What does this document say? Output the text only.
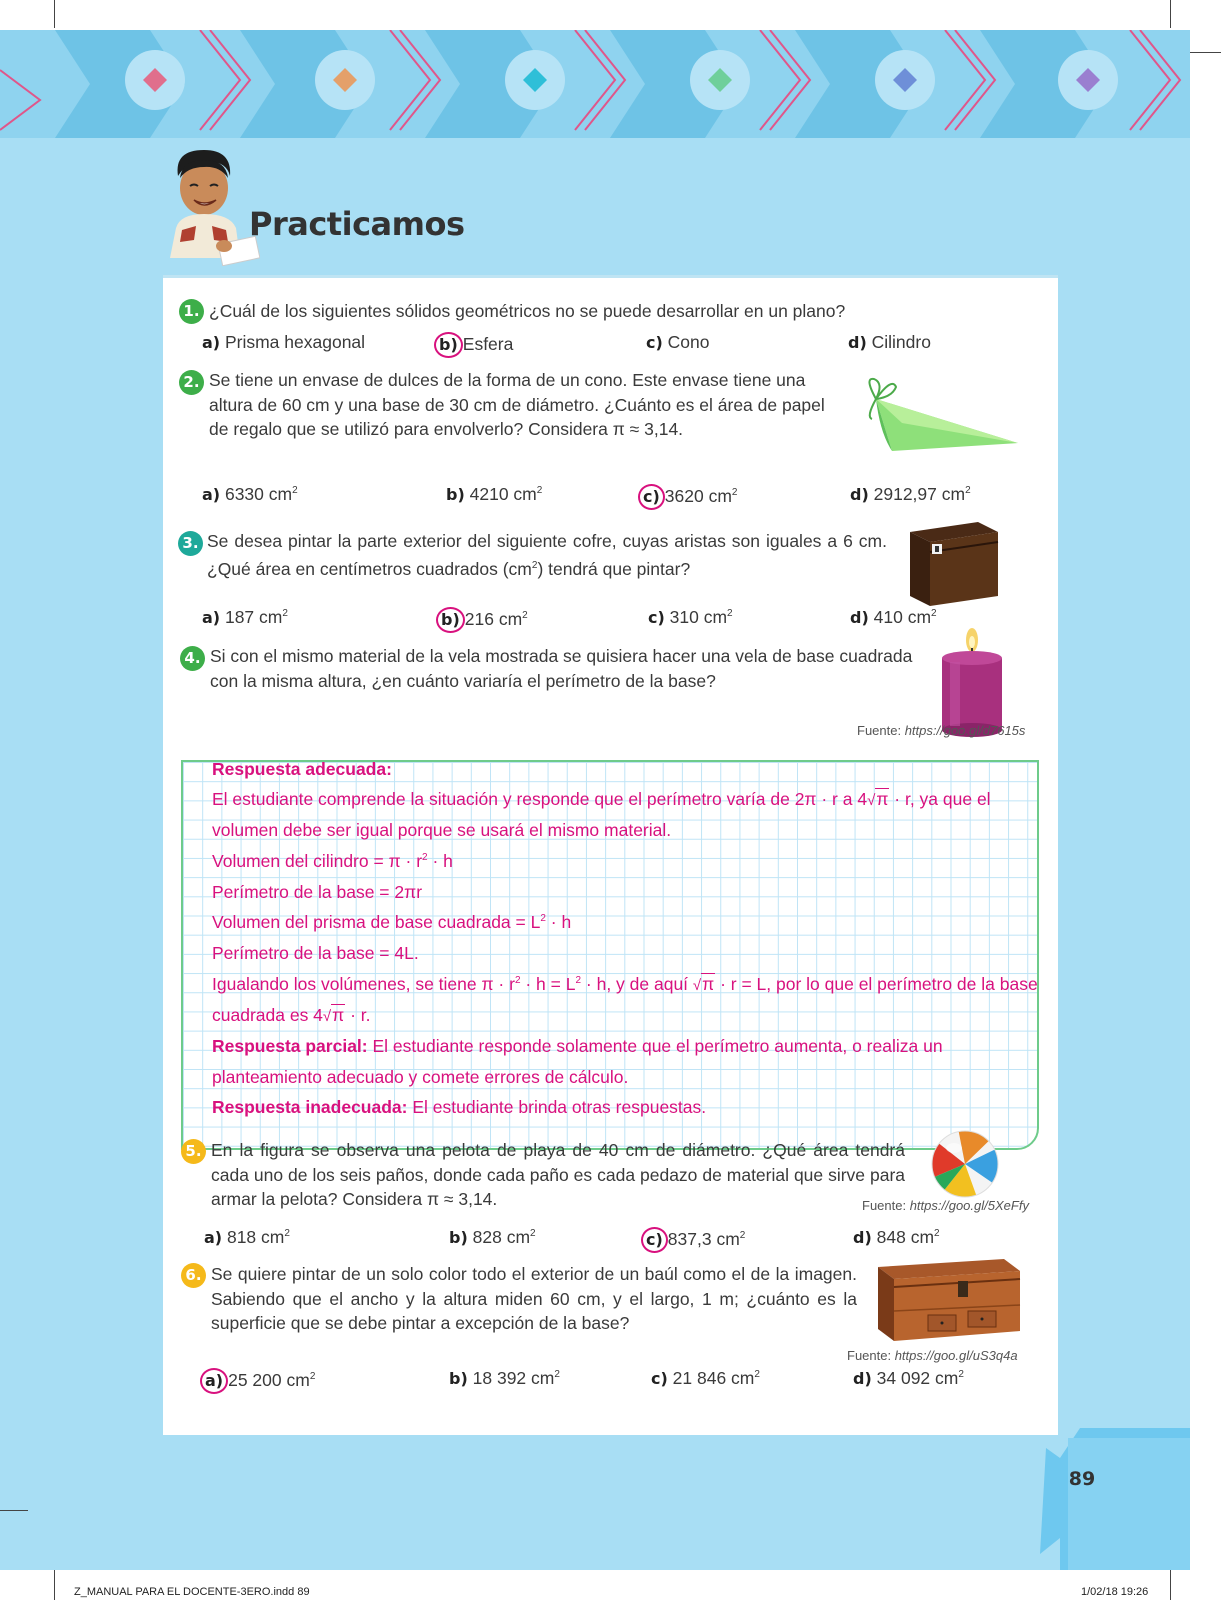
Practicamos
1. ¿Cuál de los siguientes sólidos geométricos no se puede desarrollar en un plano?
a) Prisma hexagonal	b) Esfera	c) Cono	d) Cilindro
2. Se tiene un envase de dulces de la forma de un cono. Este envase tiene una altura de 60 cm y una base de 30 cm de diámetro. ¿Cuánto es el área de papel de regalo que se utilizó para envolverlo? Considera π ≈ 3,14.
a) 6330 $cm^2$	b) 4210 $cm^2$	c) 3620 $cm^2$	d) 2912,97 $cm^2$
3. Se desea pintar la parte exterior del siguiente cofre, cuyas aristas son iguales a 6 cm. ¿Qué área en centímetros cuadrados $(cm^2)$ tendrá que pintar?
a) 187 $cm^2$	b) 216 $cm^2$	c) 310 $cm^2$	d) 410 $cm^2$
4. Si con el mismo material de la vela mostrada se quisiera hacer una vela de base cuadrada con la misma altura, ¿en cuánto variaría el perímetro de la base?
Fuente: https://goo.gl/d7615s
Respuesta adecuada:
El estudiante comprende la situación y responde que el perímetro varía de 2π · r a 4√π · r, ya que el
volumen debe ser igual porque se usará el mismo material.
Volumen del cilindro = $\pi \cdot r^2 \cdot h$
Perímetro de la base = 2πr
Volumen del prisma de base cuadrada = $L^2 \cdot h$
Perímetro de la base = 4L.
Igualando los volúmenes, se tiene $\pi \cdot r^2 \cdot h = L^2 \cdot h$, y de aquí √π · r = L, por lo que el perímetro de la base
cuadrada es 4√π · r.
Respuesta parcial: El estudiante responde solamente que el perímetro aumenta, o realiza un
planteamiento adecuado y comete errores de cálculo.
Respuesta inadecuada: El estudiante brinda otras respuestas.
5. En la figura se observa una pelota de playa de 40 cm de diámetro. ¿Qué área tendrá cada uno de los seis paños, donde cada paño es cada pedazo de material que sirve para armar la pelota? Considera π ≈ 3,14.	Fuente: https://goo.gl/5XeFfy
a) 818 $cm^2$	b) 828 $cm^2$	c) 837,3 $cm^2$	d) 848 $cm^2$
6. Se quiere pintar de un solo color todo el exterior de un baúl como el de la imagen. Sabiendo que el ancho y la altura miden 60 cm, y el largo, 1 m; ¿cuánto es la superficie que se debe pintar a excepción de la base?
Fuente: https://goo.gl/uS3q4a
a) 25 200 $cm^2$	b) 18 392 $cm^2$	c) 21 846 $cm^2$	d) 34 092 $cm^2$
89
Z_MANUAL PARA EL DOCENTE-3ERO.indd 89	1/02/18 19:26
